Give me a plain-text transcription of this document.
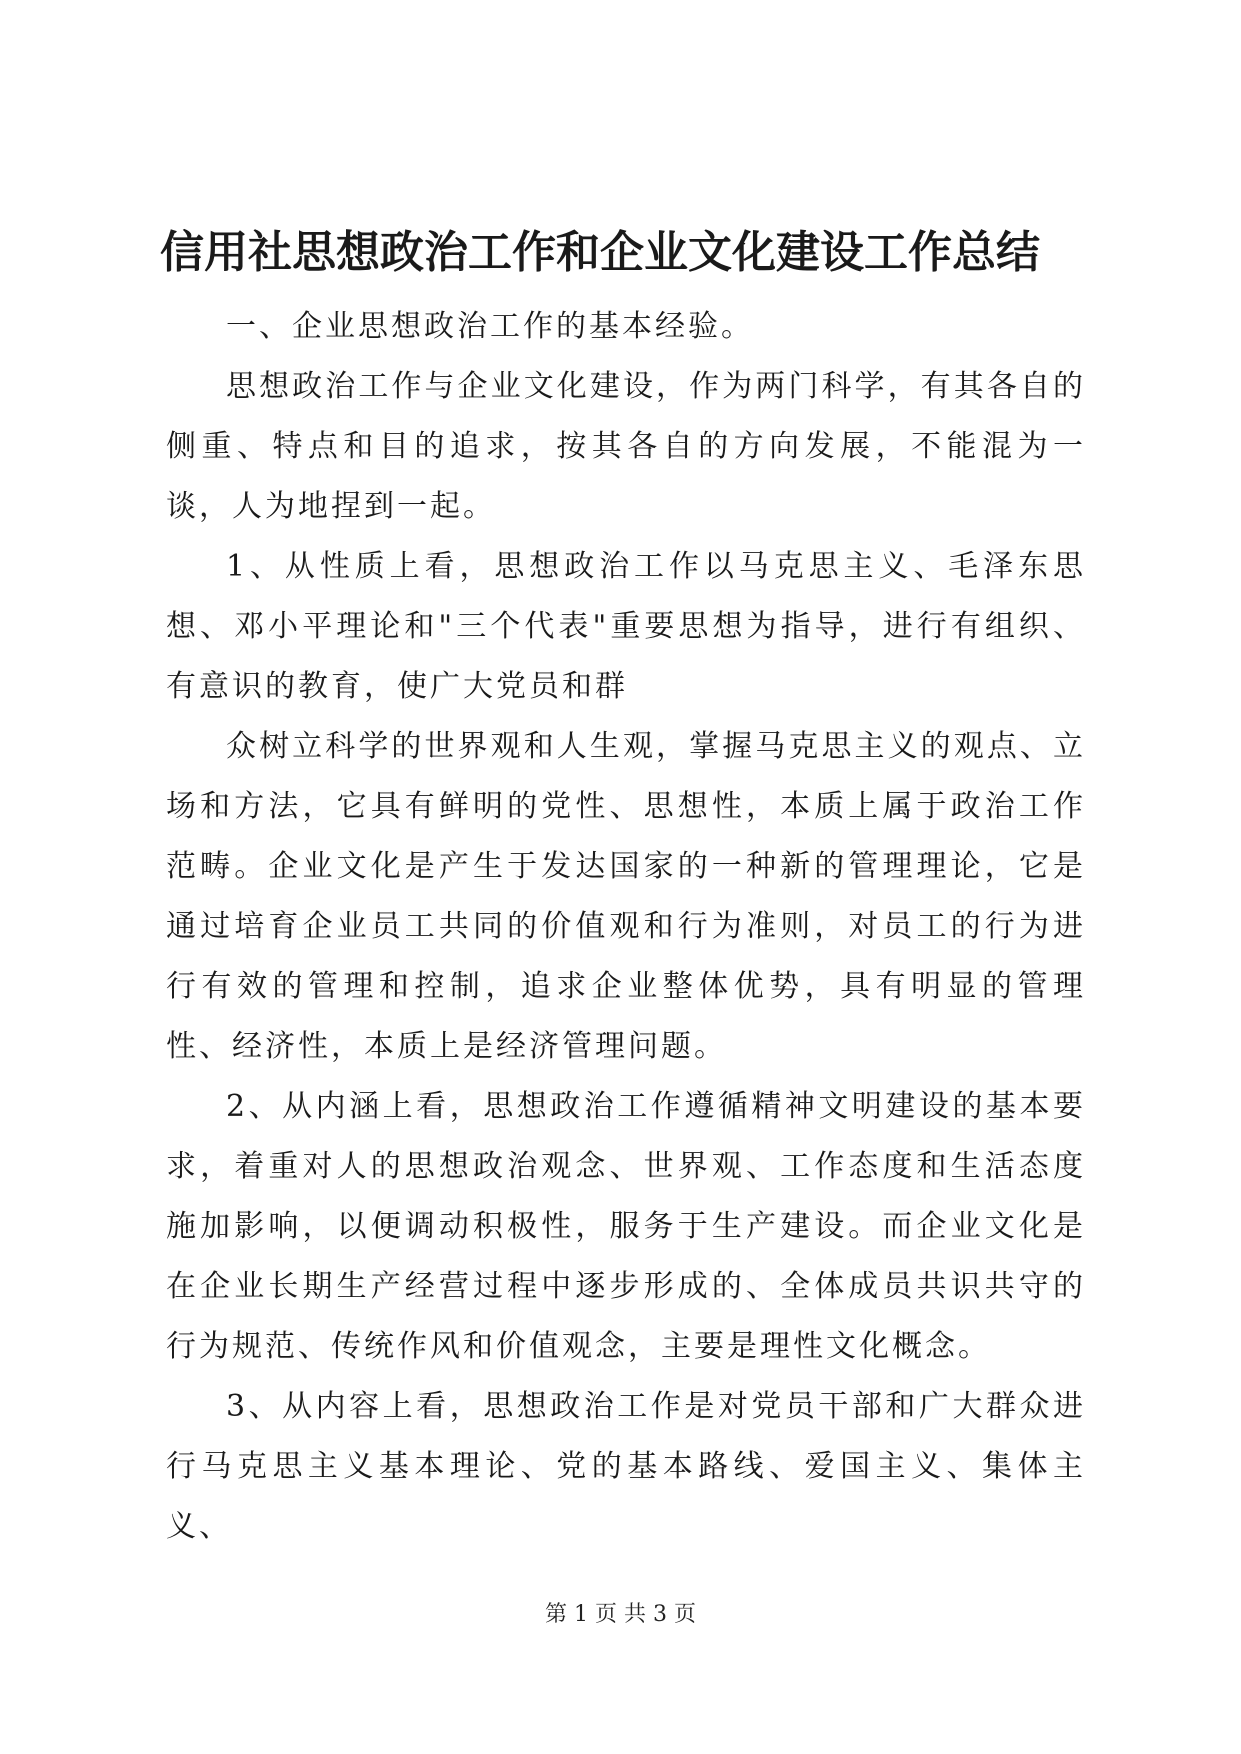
信用社思想政治工作和企业文化建设工作总结

一、企业思想政治工作的基本经验。

思想政治工作与企业文化建设，作为两门科学，有其各自的侧重、特点和目的追求，按其各自的方向发展，不能混为一谈，人为地捏到一起。

1、从性质上看，思想政治工作以马克思主义、毛泽东思想、邓小平理论和"三个代表"重要思想为指导，进行有组织、有意识的教育，使广大党员和群

众树立科学的世界观和人生观，掌握马克思主义的观点、立场和方法，它具有鲜明的党性、思想性，本质上属于政治工作范畴。企业文化是产生于发达国家的一种新的管理理论，它是通过培育企业员工共同的价值观和行为准则，对员工的行为进行有效的管理和控制，追求企业整体优势，具有明显的管理性、经济性，本质上是经济管理问题。

2、从内涵上看，思想政治工作遵循精神文明建设的基本要求，着重对人的思想政治观念、世界观、工作态度和生活态度施加影响，以便调动积极性，服务于生产建设。而企业文化是在企业长期生产经营过程中逐步形成的、全体成员共识共守的行为规范、传统作风和价值观念，主要是理性文化概念。

3、从内容上看，思想政治工作是对党员干部和广大群众进行马克思主义基本理论、党的基本路线、爱国主义、集体主义、

第 1 页 共 3 页
